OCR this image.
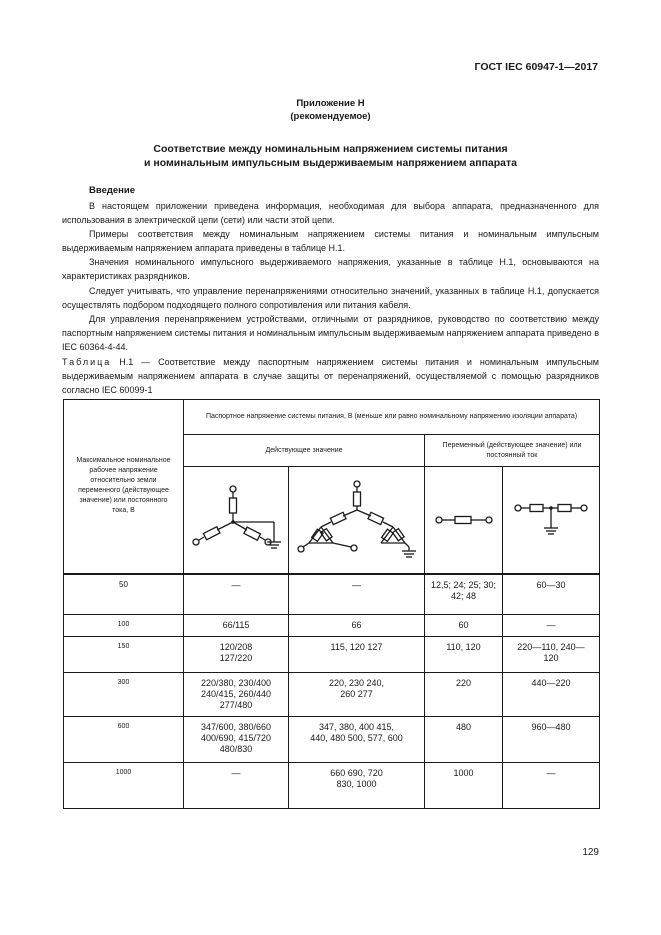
ГОСТ IEC 60947-1—2017
Приложение Н
(рекомендуемое)
Соответствие между номинальным напряжением системы питания
и номинальным импульсным выдерживаемым напряжением аппарата
Введение

В настоящем приложении приведена информация, необходимая для выбора аппарата, предназначенного для использования в электрической цепи (сети) или части этой цепи.

Примеры соответствия между номинальным напряжением системы питания и номинальным импульсным выдерживаемым напряжением аппарата приведены в таблице Н.1.

Значения номинального импульсного выдерживаемого напряжения, указанные в таблице Н.1, основываются на характеристиках разрядников.

Следует учитывать, что управление перенапряжениями относительно значений, указанных в таблице Н.1, допускается осуществлять подбором подходящего полного сопротивления или питания кабеля.

Для управления перенапряжением устройствами, отличными от разрядников, руководство по соответствию между паспортным напряжением системы питания и номинальным импульсным выдерживаемым напряжением аппарата приведено в IEC 60364-4-44.

Таблица Н.1 — Соответствие между паспортным напряжением системы питания и номинальным импульсным выдерживаемым напряжением аппарата в случае защиты от перенапряжений, осуществляемой с помощью разрядников согласно IEC 60099-1
Максимальное номинальное рабочее напряжение относительно земли переменного (действующее значение) или постоянного тока, В	Паспортное напряжение системы питания, В (меньше или равно номинальному напряжению изоляции аппарата)			
	Действующее значение		Переменный (действующее значение) или постоянный ток	

50	—	—	12,5; 24; 25; 30; 42; 48	60—30
100	66/115	66	60	—
150	120/208 127/220	115, 120 127	110, 120	220—110, 240—120
300	220/380, 230/400 240/415, 260/440 277/480	220, 230 240, 260 277	220	440—220
600	347/600, 380/660 400/690, 415/720 480/830	347, 380, 400 415, 440, 480 500, 577, 600	480	960—480
1000	—	660 690, 720 830, 1000	1000	—
129
